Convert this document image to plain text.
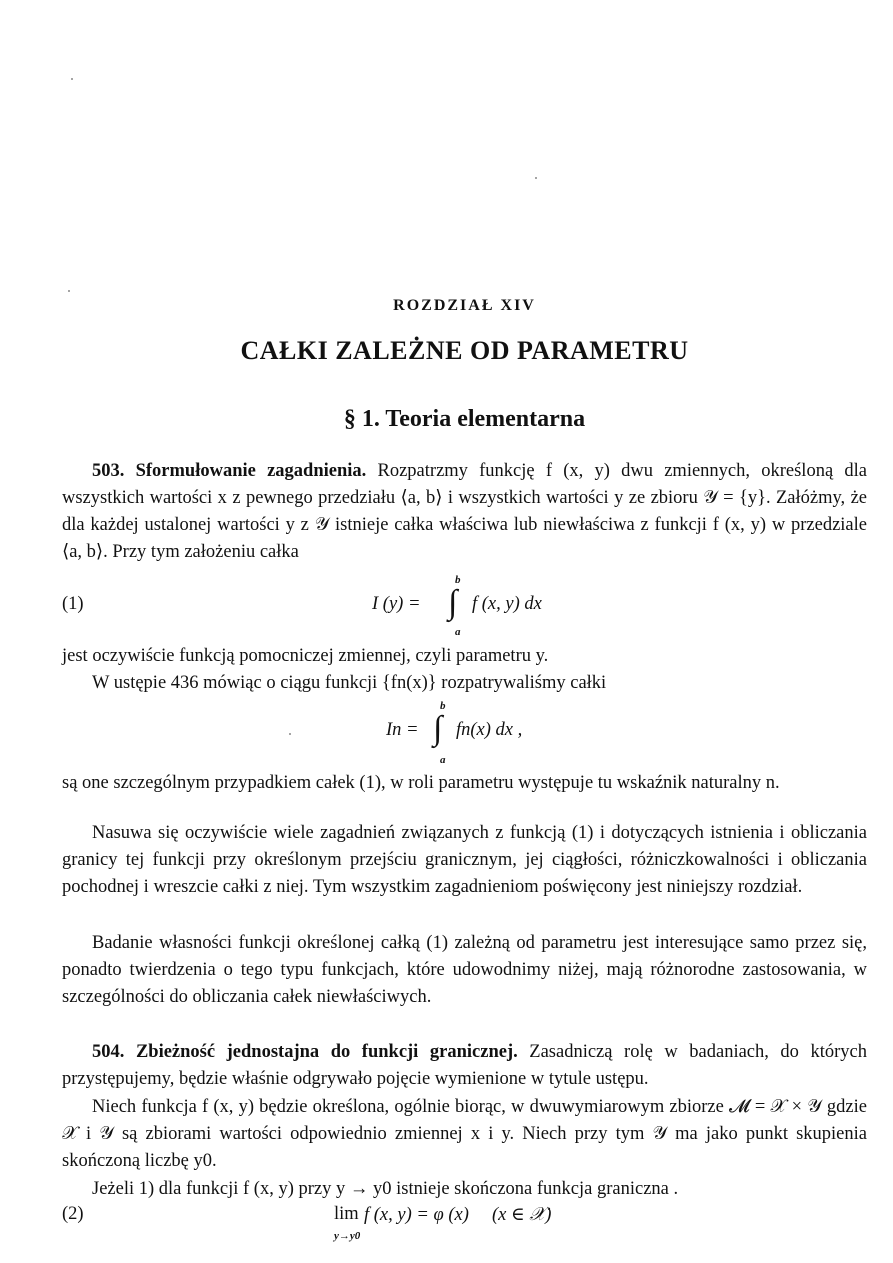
ROZDZIAŁ XIV
CAŁKI ZALEŻNE OD PARAMETRU
§ 1. Teoria elementarna
503. Sformułowanie zagadnienia. Rozpatrzmy funkcję f (x, y) dwu zmiennych, określoną dla wszystkich wartości x z pewnego przedziału ⟨a, b⟩ i wszystkich wartości y ze zbioru 𝒴 = {y}. Załóżmy, że dla każdej ustalonej wartości y z 𝒴 istnieje całka właściwa lub niewłaściwa z funkcji f (x, y) w przedziale ⟨a, b⟩. Przy tym założeniu całka
(1)	I (y) =
b
∫
a
f (x, y) dx
jest oczywiście funkcją pomocniczej zmiennej, czyli parametru y.
W ustępie 436 mówiąc o ciągu funkcji {fn(x)} rozpatrywaliśmy całki
In =
b
∫
a
fn(x) dx ,
są one szczególnym przypadkiem całek (1), w roli parametru występuje tu wskaźnik naturalny n.
Nasuwa się oczywiście wiele zagadnień związanych z funkcją (1) i dotyczących istnienia i obliczania granicy tej funkcji przy określonym przejściu granicznym, jej ciągłości, różniczkowalności i obliczania pochodnej i wreszcie całki z niej. Tym wszystkim zagadnieniom poświęcony jest niniejszy rozdział.
Badanie własności funkcji określonej całką (1) zależną od parametru jest interesujące samo przez się, ponadto twierdzenia o tego typu funkcjach, które udowodnimy niżej, mają różnorodne zastosowania, w szczególności do obliczania całek niewłaściwych.
504. Zbieżność jednostajna do funkcji granicznej. Zasadniczą rolę w badaniach, do których przystępujemy, będzie właśnie odgrywało pojęcie wymienione w tytule ustępu.
Niech funkcja f (x, y) będzie określona, ogólnie biorąc, w dwuwymiarowym zbiorze 𝓜 = 𝒳 × 𝒴 gdzie 𝒳 i 𝒴 są zbiorami wartości odpowiednio zmiennej x i y. Niech przy tym 𝒴 ma jako punkt skupienia skończoną liczbę y0.
Jeżeli 1) dla funkcji f (x, y) przy y → y0 istnieje skończona funkcja graniczna .
(2)	lim
y→y0
f (x, y) = φ (x)     (x ∈ 𝒳)
